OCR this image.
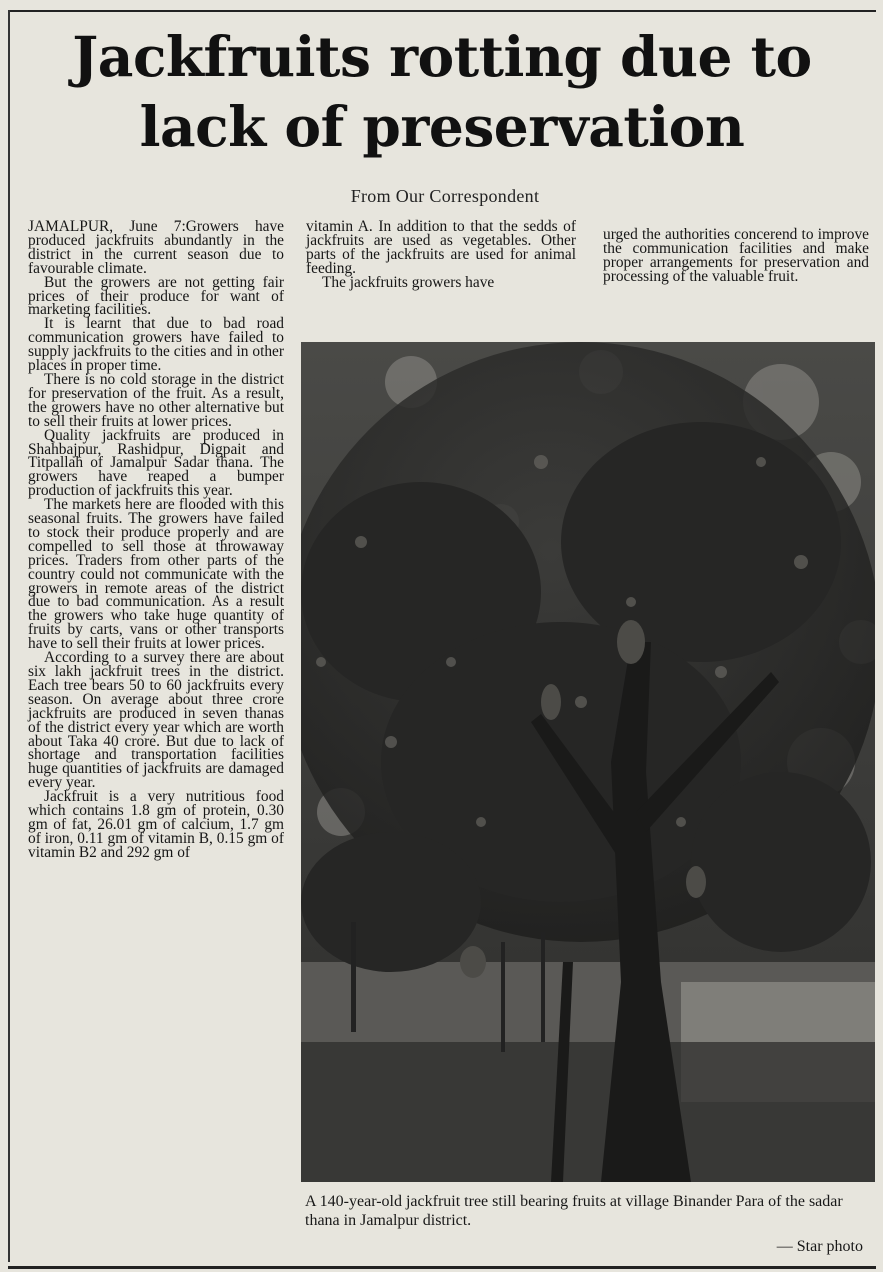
Jackfruits rotting due to
lack of preservation
From Our Correspondent

JAMALPUR, June 7:Growers have produced jackfruits abundantly in the district in the current season due to favourable climate.

But the growers are not getting fair prices of their produce for want of marketing facilities.

It is learnt that due to bad road communication growers have failed to supply jackfruits to the cities and in other places in proper time.

There is no cold storage in the district for preservation of the fruit. As a result, the growers have no other alternative but to sell their fruits at lower prices.

Quality jackfruits are produced in Shahbajpur, Rashidpur, Digpait and Titpallah of Jamalpur Sadar thana. The growers have reaped a bumper production of jackfruits this year.

The markets here are flooded with this seasonal fruits. The growers have failed to stock their produce properly and are compelled to sell those at throwaway prices. Traders from other parts of the country could not communicate with the growers in remote areas of the district due to bad communication. As a result the growers who take huge quantity of fruits by carts, vans or other transports have to sell their fruits at lower prices.

According to a survey there are about six lakh jackfruit trees in the district. Each tree bears 50 to 60 jackfruits every season. On average about three crore jackfruits are produced in seven thanas of the district every year which are worth about Taka 40 crore. But due to lack of shortage and transportation facilities huge quantities of jackfruits are damaged every year.

Jackfruit is a very nutritious food which contains 1.8 gm of protein, 0.30 gm of fat, 26.01 gm of calcium, 1.7 gm of iron, 0.11 gm of vitamin B, 0.15 gm of vitamin B2 and 292 gm of

vitamin A. In addition to that the sedds of jackfruits are used as vegetables. Other parts of the jackfruits are used for animal feeding.

The jackfruits growers have

urged the authorities concerend to improve the communication facilities and make proper arrangements for preservation and processing of the valuable fruit.

A 140-year-old jackfruit tree still bearing fruits at village Binander Para of the sadar thana in Jamalpur district.
— Star photo
